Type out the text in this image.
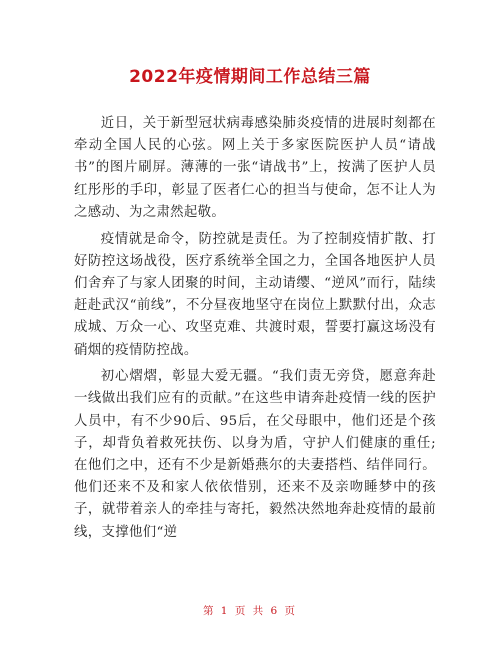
2022年疫情期间工作总结三篇

近日，关于新型冠状病毒感染肺炎疫情的进展时刻都在牵动全国人民的心弦。网上关于多家医院医护人员“请战书”的图片刷屏。薄薄的一张“请战书”上，按满了医护人员红彤彤的手印，彰显了医者仁心的担当与使命，怎不让人为之感动、为之肃然起敬。

疫情就是命令，防控就是责任。为了控制疫情扩散、打好防控这场战役，医疗系统举全国之力，全国各地医护人员们舍弃了与家人团聚的时间，主动请缨、“逆风”而行，陆续赶赴武汉“前线”，不分昼夜地坚守在岗位上默默付出，众志成城、万众一心、攻坚克难、共渡时艰，誓要打赢这场没有硝烟的疫情防控战。

初心熠熠，彰显大爱无疆。“我们责无旁贷，愿意奔赴一线做出我们应有的贡献。”在这些申请奔赴疫情一线的医护人员中，有不少90后、95后，在父母眼中，他们还是个孩子，却背负着救死扶伤、以身为盾，守护人们健康的重任;在他们之中，还有不少是新婚燕尔的夫妻搭档、结伴同行。他们还来不及和家人依依惜别，还来不及亲吻睡梦中的孩子，就带着亲人的牵挂与寄托，毅然决然地奔赴疫情的最前线，支撑他们“逆

第 1 页 共 6 页
